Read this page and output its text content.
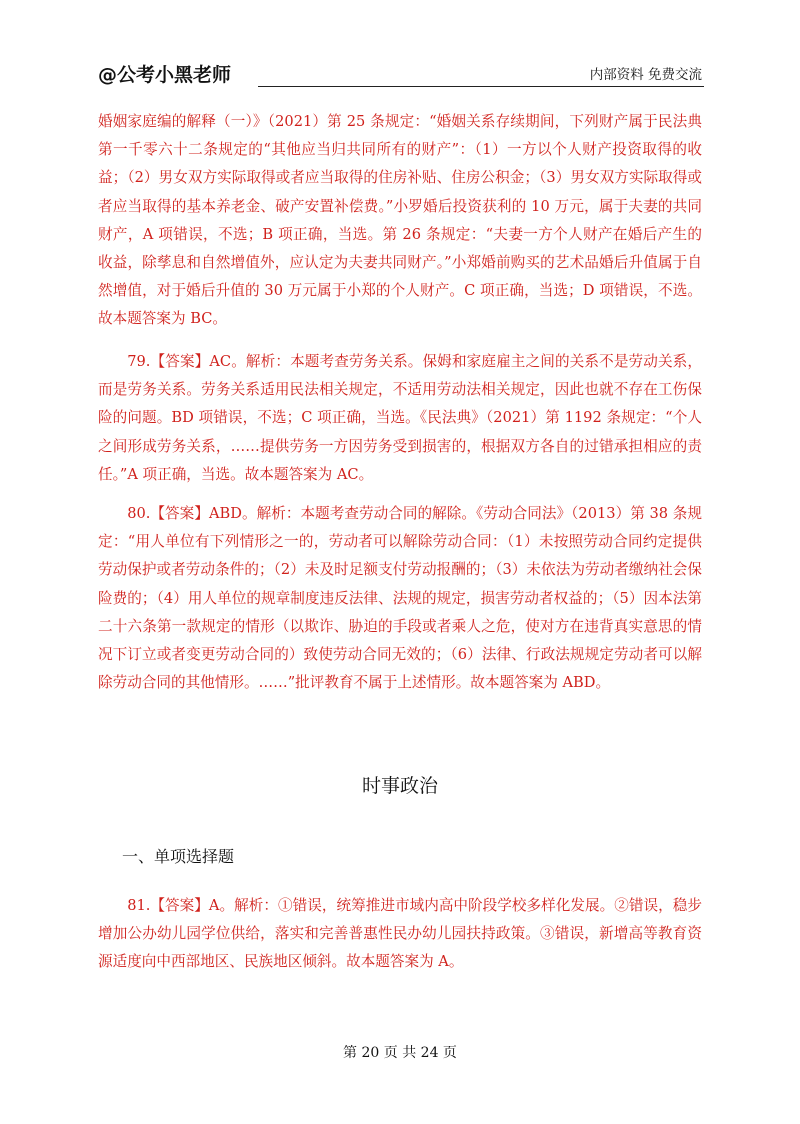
@公考小黑老师	内部资料 免费交流

婚姻家庭编的解释（一）》（2021）第 25 条规定：“婚姻关系存续期间，下列财产属于民法典第一千零六十二条规定的“其他应当归共同所有的财产”：（1）一方以个人财产投资取得的收益；（2）男女双方实际取得或者应当取得的住房补贴、住房公积金；（3）男女双方实际取得或者应当取得的基本养老金、破产安置补偿费。”小罗婚后投资获利的 10 万元，属于夫妻的共同财产，A 项错误，不选；B 项正确，当选。第 26 条规定：“夫妻一方个人财产在婚后产生的收益，除孳息和自然增值外，应认定为夫妻共同财产。”小郑婚前购买的艺术品婚后升值属于自然增值，对于婚后升值的 30 万元属于小郑的个人财产。C 项正确，当选；D 项错误，不选。故本题答案为 BC。

79.【答案】AC。解析：本题考查劳务关系。保姆和家庭雇主之间的关系不是劳动关系，而是劳务关系。劳务关系适用民法相关规定，不适用劳动法相关规定，因此也就不存在工伤保险的问题。BD 项错误，不选；C 项正确，当选。《民法典》（2021）第 1192 条规定：“个人之间形成劳务关系，……提供劳务一方因劳务受到损害的，根据双方各自的过错承担相应的责任。”A 项正确，当选。故本题答案为 AC。

80.【答案】ABD。解析：本题考查劳动合同的解除。《劳动合同法》（2013）第 38 条规定：“用人单位有下列情形之一的，劳动者可以解除劳动合同：（1）未按照劳动合同约定提供劳动保护或者劳动条件的；（2）未及时足额支付劳动报酬的；（3）未依法为劳动者缴纳社会保险费的；（4）用人单位的规章制度违反法律、法规的规定，损害劳动者权益的；（5）因本法第二十六条第一款规定的情形（以欺诈、胁迫的手段或者乘人之危，使对方在违背真实意思的情况下订立或者变更劳动合同的）致使劳动合同无效的；（6）法律、行政法规规定劳动者可以解除劳动合同的其他情形。……”批评教育不属于上述情形。故本题答案为 ABD。

时事政治
一、单项选择题

81.【答案】A。解析：①错误，统筹推进市域内高中阶段学校多样化发展。②错误，稳步增加公办幼儿园学位供给，落实和完善普惠性民办幼儿园扶持政策。③错误，新增高等教育资源适度向中西部地区、民族地区倾斜。故本题答案为 A。

第 20 页 共 24 页
